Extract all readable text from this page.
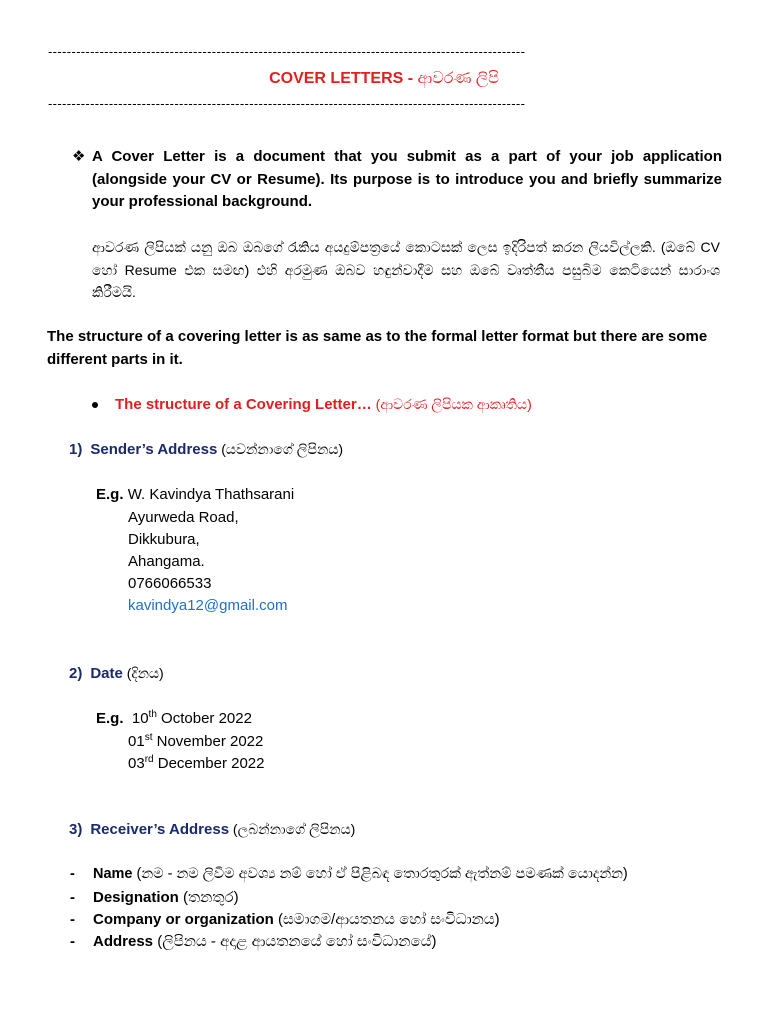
------------------------------------------------------------------------------------------------------
COVER LETTERS - ආවරණ ලිපි
------------------------------------------------------------------------------------------------------
❖ A Cover Letter is a document that you submit as a part of your job application (alongside your CV or Resume). Its purpose is to introduce you and briefly summarize your professional background.
ආවරණ ලිපියක් යනු ඔබ ඔබගේ රැකිය අයදුම්පත්‍රයේ කොටසක් ලෙස ඉදිරිපත් කරන ලියවිල්ලකි. (ඔබේ CV හෝ Resume එක සමඟ) එහි අරමුණ ඔබව හඳුන්වාදීම සහ ඔබේ වෘත්තීය පසුබිම කෙටියෙන් සාරාංශ කිරීමයි.
The structure of a covering letter is as same as to the formal letter format but there are some different parts in it.
The structure of a Covering Letter… (ආවරණ ලිපියක ආකෘතිය)
1) Sender’s Address (යවන්නාගේ ලිපිනය)
E.g. W. Kavindya Thathsarani
Ayurweda Road,
Dikkubura,
Ahangama.
0766066533
kavindya12@gmail.com
2) Date (දිනය)
E.g. 10th October 2022
01st November 2022
03rd December 2022
3) Receiver’s Address (ලබන්නාගේ ලිපිනය)
- Name (නම - නම ලිවීම අවශ්‍ය නම් හෝ ඒ පිළිබඳ තොරතුරක් ඇත්නම් පමණක් යොදන්න)
- Designation (තනතුර)
- Company or organization (සමාගම/ආයතනය හෝ සංවිධානය)
- Address (ලිපිනය - අදාළ ආයතනයේ හෝ සංවිධානයේ)
